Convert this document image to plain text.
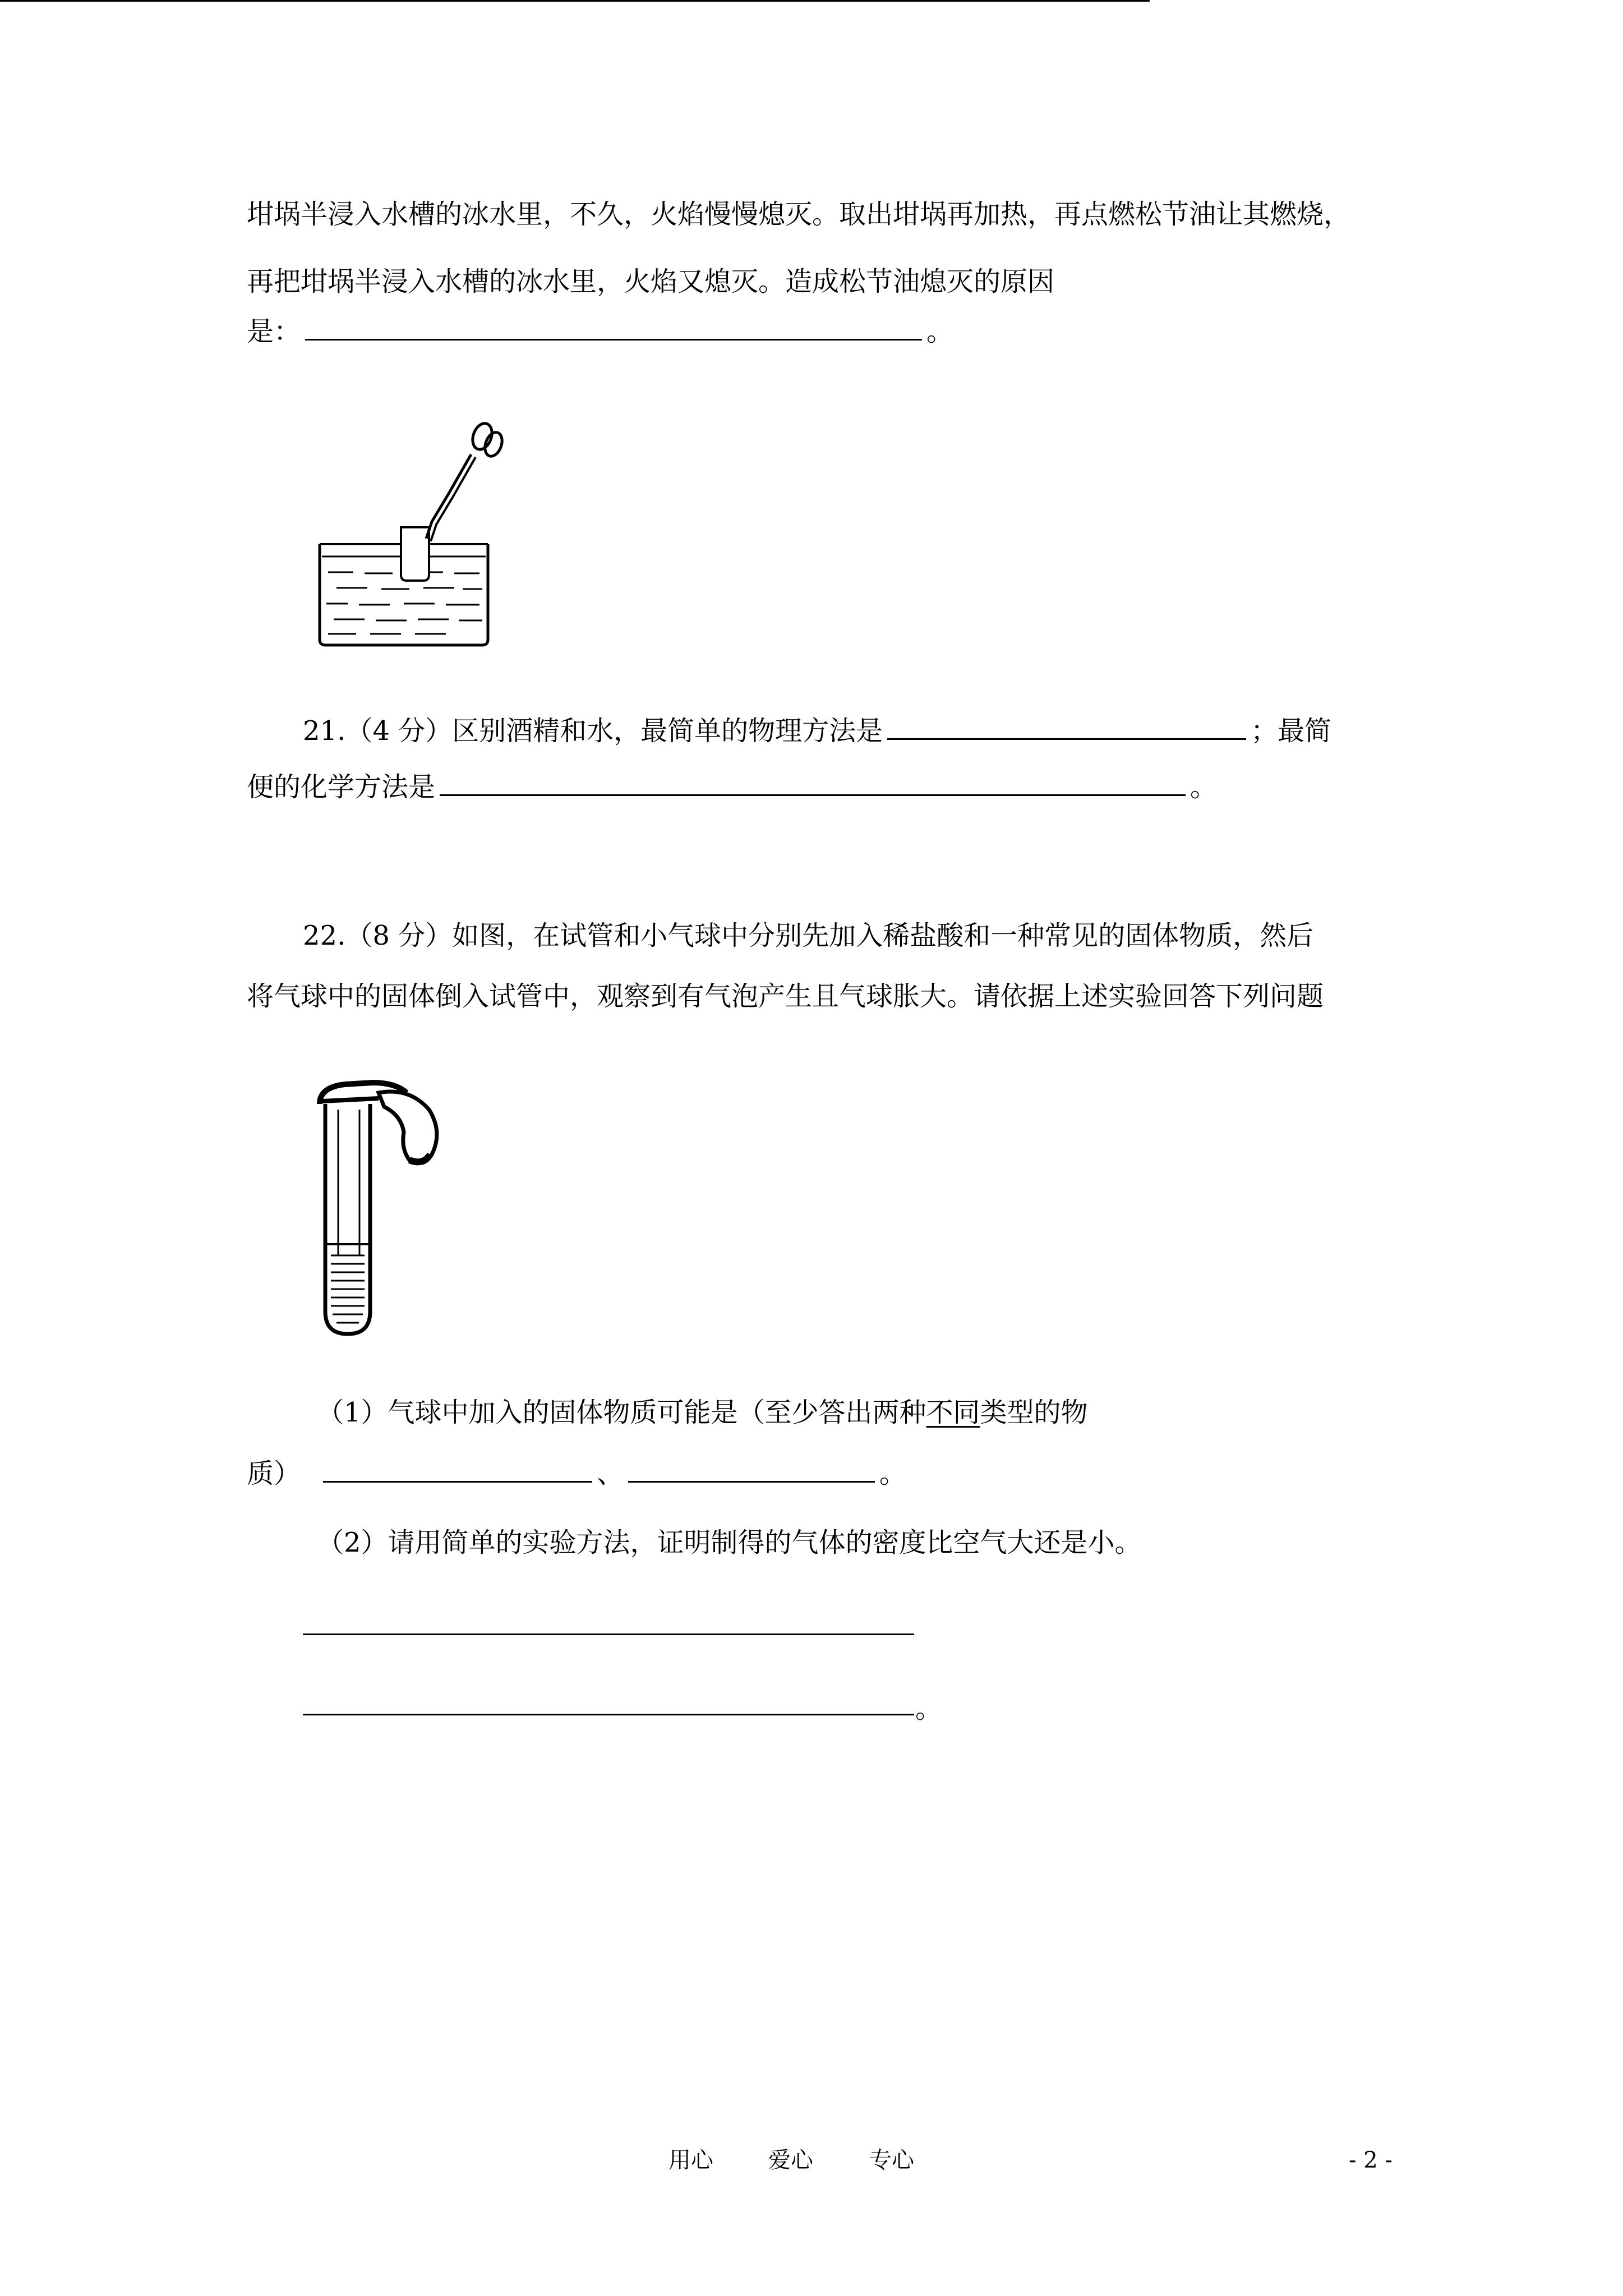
坩埚半浸入水槽的冰水里，不久，火焰慢慢熄灭。取出坩埚再加热，再点燃松节油让其燃烧，
再把坩埚半浸入水槽的冰水里，火焰又熄灭。造成松节油熄灭的原因
是：	。
21.（4 分）区别酒精和水，最简单的物理方法是	；最简
便的化学方法是	。
22.（8 分）如图，在试管和小气球中分别先加入稀盐酸和一种常见的固体物质，然后
将气球中的固体倒入试管中，观察到有气泡产生且气球胀大。请依据上述实验回答下列问题
（1）气球中加入的固体物质可能是（至少答出两种不同类型的物
质）	、	。
（2）请用简单的实验方法，证明制得的气体的密度比空气大还是小。
。
用心 爱心	专心	- 2 -
